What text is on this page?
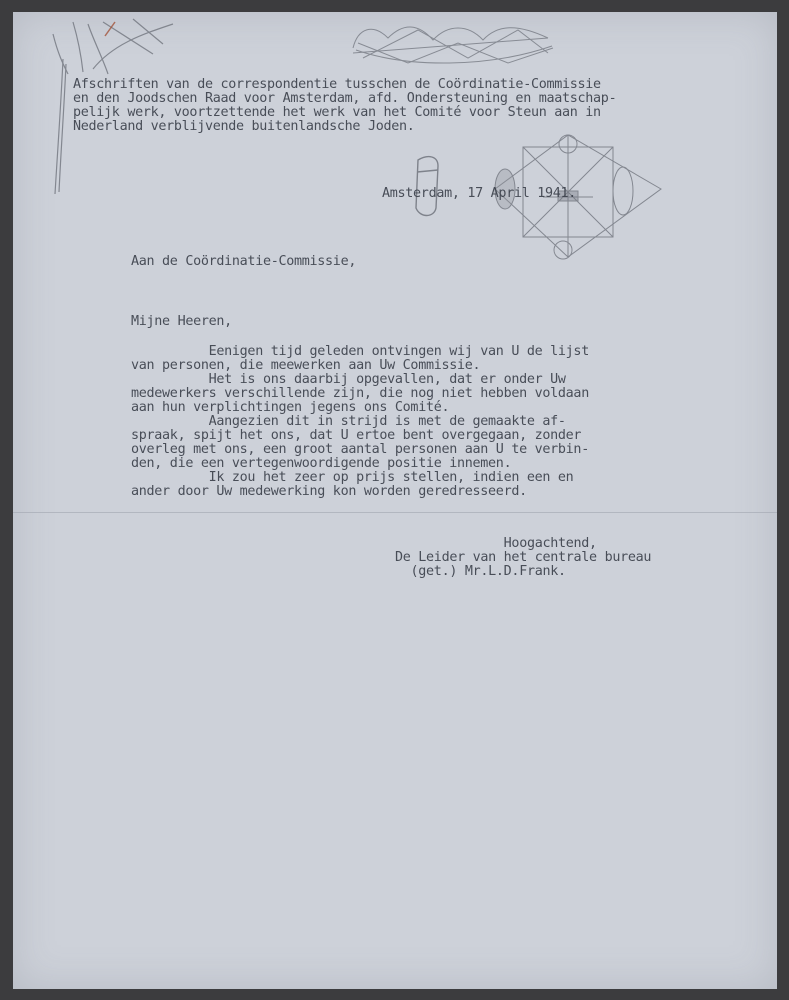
Afschriften van de correspondentie tusschen de Coördinatie-Commissie
en den Joodschen Raad voor Amsterdam, afd. Ondersteuning en maatschap-
pelijk werk, voortzettende het werk van het Comité voor Steun aan in
Nederland verblijvende buitenlandsche Joden.
Amsterdam, 17 April 1941.
Aan de Coördinatie-Commissie,
Mijne Heeren,
Eenigen tijd geleden ontvingen wij van U de lijst
van personen, die meewerken aan Uw Commissie.
Het is ons daarbij opgevallen, dat er onder Uw
medewerkers verschillende zijn, die nog niet hebben voldaan
aan hun verplichtingen jegens ons Comité.
Aangezien dit in strijd is met de gemaakte af-
spraak, spijt het ons, dat U ertoe bent overgegaan, zonder
overleg met ons, een groot aantal personen aan U te verbin-
den, die een vertegenwoordigende positie innemen.
Ik zou het zeer op prijs stellen, indien een en
ander door Uw medewerking kon worden geredresseerd.
Hoogachtend,
De Leider van het centrale bureau
(get.) Mr.L.D.Frank.
